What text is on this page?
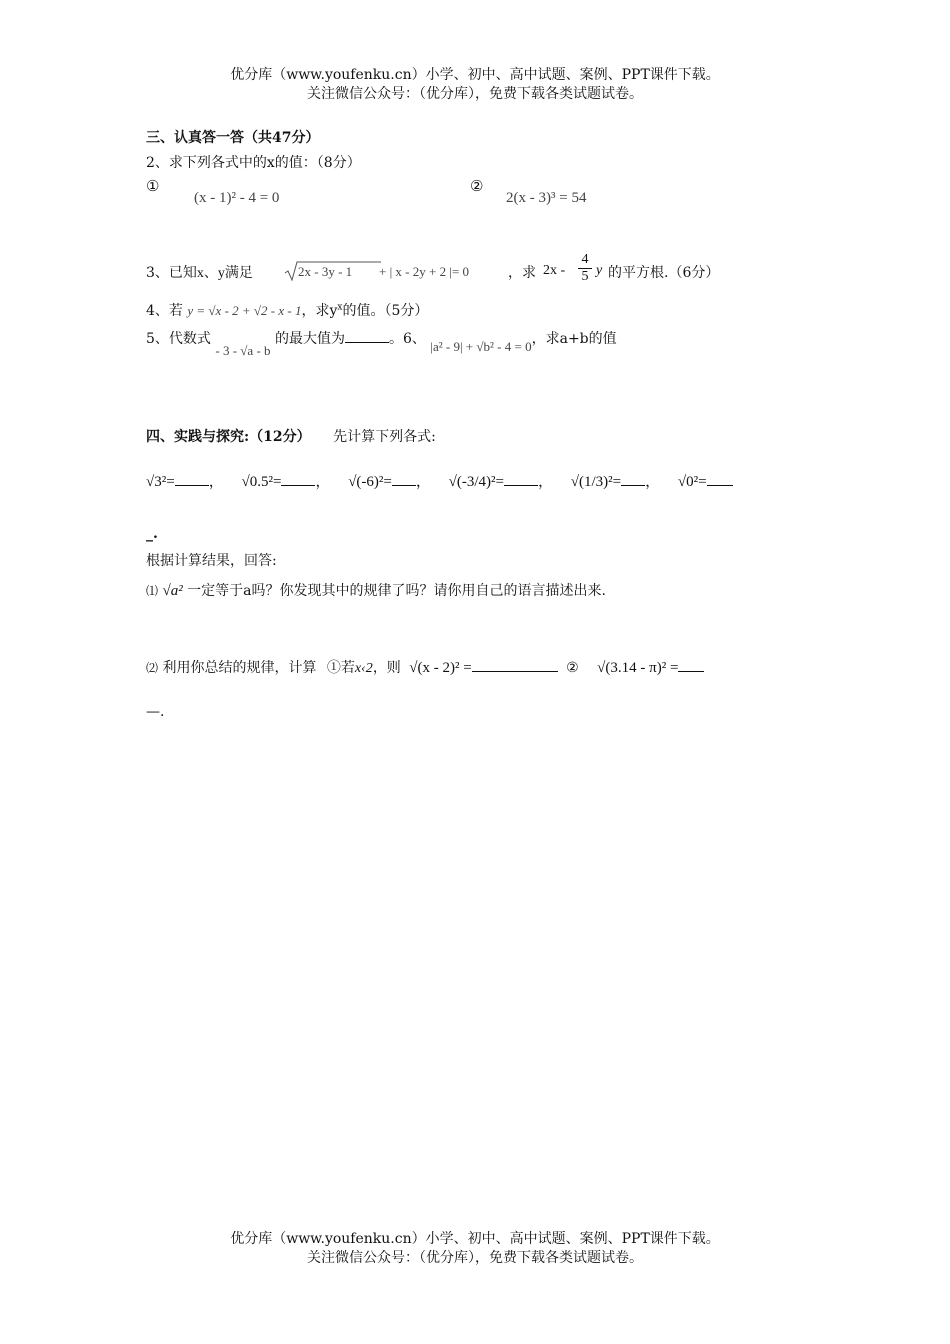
优分库（www.youfenku.cn）小学、初中、高中试题、案例、PPT课件下载。
关注微信公众号：（优分库），免费下载各类试题试卷。
三、认真答一答（共47分）
2、求下列各式中的x的值：（8分）
①
(x - 1)² - 4 = 0
②
2(x - 3)³ = 54
3、已知x、y满足	2x - 3y - 1 + | x - 2y + 2 |= 0	，求 $2x - \frac{4}{5}$ y 的平方根.（6分）
4、若 y = √x - 2 + √2 - x - 1，求$y^x$的值。（5分）
5、代数式 - 3 - √a - b 的最大值为	。6、 |a² - 9| + √b² - 4 = 0，求a+b的值
四、实践与探究:（12分） 先计算下列各式:
√3²= ， √0.5²= ， √(-6)²= ， √(-3/4)²= ， √(1/3)²= ， √0²=
_.
根据计算结果，回答:
⑴ √a² 一定等于a吗？你发现其中的规律了吗？请你用自己的语言描述出来.
⑵ 利用你总结的规律，计算 ①若x‹2，则 √(x - 2)² =	② √(3.14 - π)² =
—.
优分库（www.youfenku.cn）小学、初中、高中试题、案例、PPT课件下载。
关注微信公众号：（优分库），免费下载各类试题试卷。
